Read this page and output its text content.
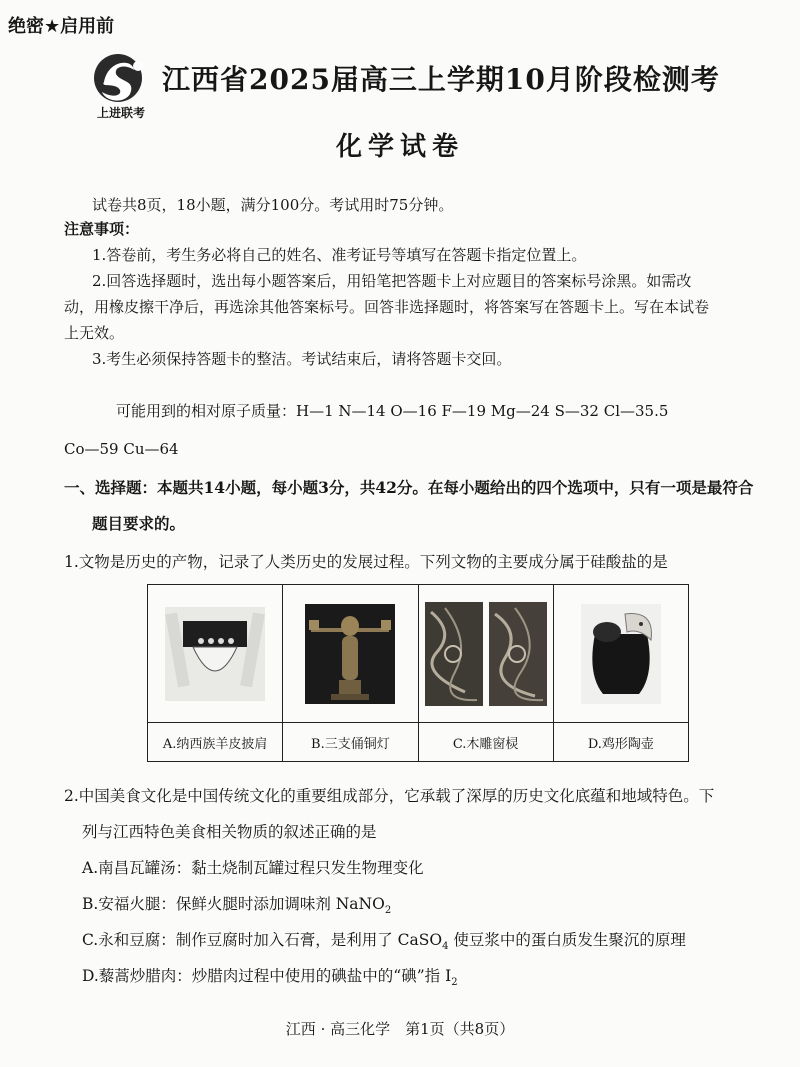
绝密★启用前
上进联考
江西省2025届高三上学期10月阶段检测考
化学试卷
试卷共8页，18小题，满分100分。考试用时75分钟。
注意事项：
1.答卷前，考生务必将自己的姓名、准考证号等填写在答题卡指定位置上。
2.回答选择题时，选出每小题答案后，用铅笔把答题卡上对应题目的答案标号涂黑。如需改
动，用橡皮擦干净后，再选涂其他答案标号。回答非选择题时，将答案写在答题卡上。写在本试卷
上无效。
3.考生必须保持答题卡的整洁。考试结束后，请将答题卡交回。
可能用到的相对原子质量：H—1 N—14 O—16 F—19 Mg—24 S—32 Cl—35.5
Co—59 Cu—64
一、选择题：本题共14小题，每小题3分，共42分。在每小题给出的四个选项中，只有一项是最符合
题目要求的。
1.文物是历史的产物，记录了人类历史的发展过程。下列文物的主要成分属于硅酸盐的是
A.纳西族羊皮披肩	B.三支俑铜灯	C.木雕窗棂	D.鸡形陶壶
2.中国美食文化是中国传统文化的重要组成部分，它承载了深厚的历史文化底蕴和地域特色。下
列与江西特色美食相关物质的叙述正确的是
A.南昌瓦罐汤：黏土烧制瓦罐过程只发生物理变化
B.安福火腿：保鲜火腿时添加调味剂 NaNO$_2$
C.永和豆腐：制作豆腐时加入石膏，是利用了 CaSO$_4$ 使豆浆中的蛋白质发生聚沉的原理
D.藜蒿炒腊肉：炒腊肉过程中使用的碘盐中的“碘”指 $I_2$
江西 · 高三化学　第1页（共8页）
